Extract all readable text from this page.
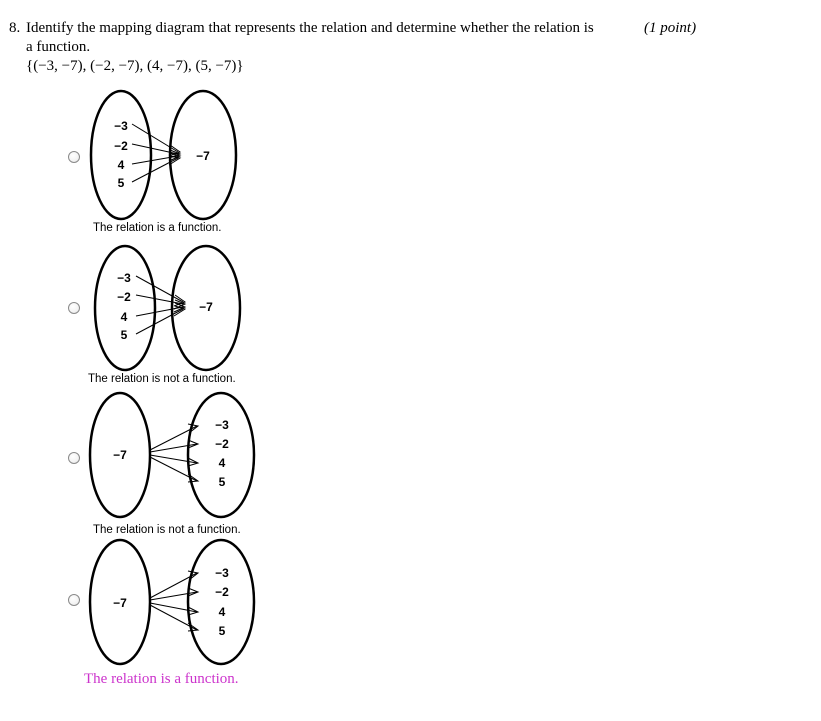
8. Identify the mapping diagram that represents the relation and determine whether the relation is	(1 point)
a function.
{(−3, −7), (−2, −7), (4, −7), (5, −7)}
−3
−2
4
5
−7
The relation is a function.
−3
−2
4
5
−7
The relation is not a function.
−7
−3
−2
4
5
The relation is not a function.
−7
−3
−2
4
5
The relation is a function.
